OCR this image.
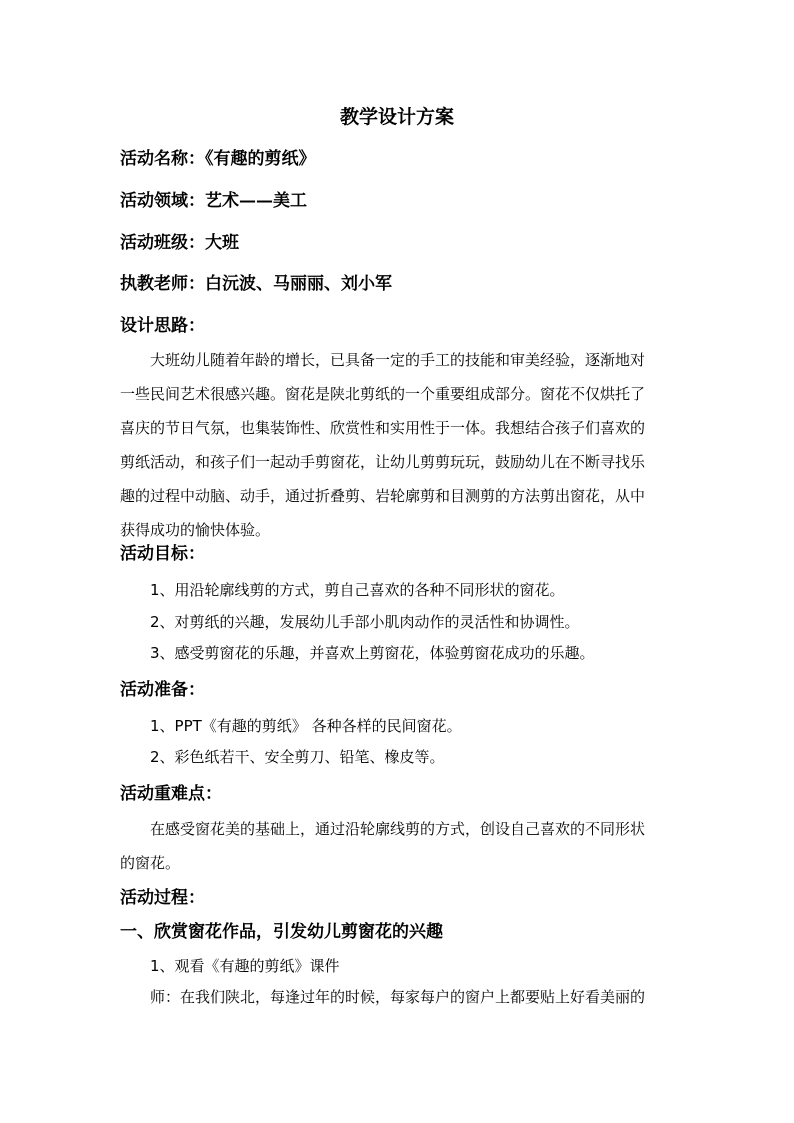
教学设计方案
活动名称：《有趣的剪纸》
活动领域：艺术——美工
活动班级：大班
执教老师：白沅波、马丽丽、刘小军
设计思路：
大班幼儿随着年龄的增长，已具备一定的手工的技能和审美经验，逐渐地对
一些民间艺术很感兴趣。窗花是陕北剪纸的一个重要组成部分。窗花不仅烘托了
喜庆的节日气氛，也集装饰性、欣赏性和实用性于一体。我想结合孩子们喜欢的
剪纸活动，和孩子们一起动手剪窗花，让幼儿剪剪玩玩，鼓励幼儿在不断寻找乐
趣的过程中动脑、动手，通过折叠剪、岩轮廓剪和目测剪的方法剪出窗花，从中
获得成功的愉快体验。
活动目标：
1、用沿轮廓线剪的方式，剪自己喜欢的各种不同形状的窗花。
2、对剪纸的兴趣，发展幼儿手部小肌肉动作的灵活性和协调性。
3、感受剪窗花的乐趣，并喜欢上剪窗花，体验剪窗花成功的乐趣。
活动准备：
1、PPT《有趣的剪纸》 各种各样的民间窗花。
2、彩色纸若干、安全剪刀、铅笔、橡皮等。
活动重难点：
在感受窗花美的基础上，通过沿轮廓线剪的方式，创设自己喜欢的不同形状
的窗花。
活动过程：
一、欣赏窗花作品，引发幼儿剪窗花的兴趣
1、观看《有趣的剪纸》课件
师：在我们陕北，每逢过年的时候，每家每户的窗户上都要贴上好看美丽的
